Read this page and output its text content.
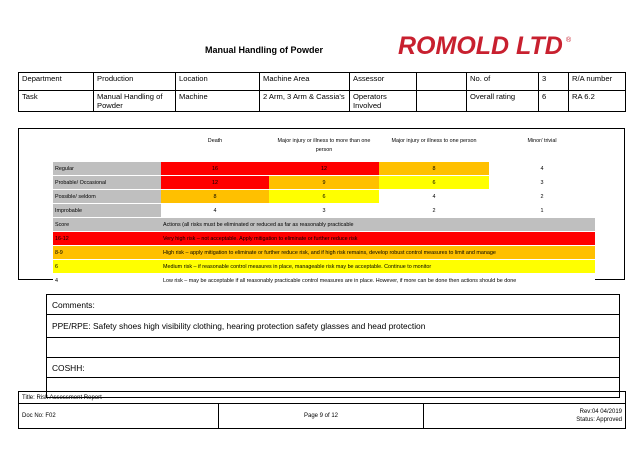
Manual Handling of Powder	ROMOLD LTD ®
Department	Production	Location	Machine Area	Assessor		No. of	3	R/A number
Task	Manual Handling of Powder	Machine	2 Arm, 3 Arm & Cassia's	Operators Involved		Overall rating	6	RA 6.2
	Death	Major injury or illness to more than one person	Major injury or illness to one person	Minor/ trivial
Regular	16	12	8	4
Probable/ Occasional	12	9	6	3
Possible/ seldom	8	6	4	2
Improbable	4	3	2	1
Score	Actions (all risks must be eliminated or reduced as far as reasonably practicable			
16-12	Very high risk – not acceptable. Apply mitigation to eliminate or further reduce risk			
8-9	High risk – apply mitigation to eliminate or further reduce risk, and if high risk remains, develop robust control measures to limit and manage			
6	Medium risk – if reasonable control measures in place, manageable risk may be acceptable. Continue to monitor			
4	Low risk – may be acceptable if all reasonably practicable control measures are in place. However, if more can be done then actions should be done			
Comments:
PPE/RPE: Safety shoes high visibility clothing, hearing protection safety glasses and head protection

COSHH:

Title: Risk Assessment Report
Doc No: F02	Page 9 of 12	Rev:04 04/2019
Status: Approved
